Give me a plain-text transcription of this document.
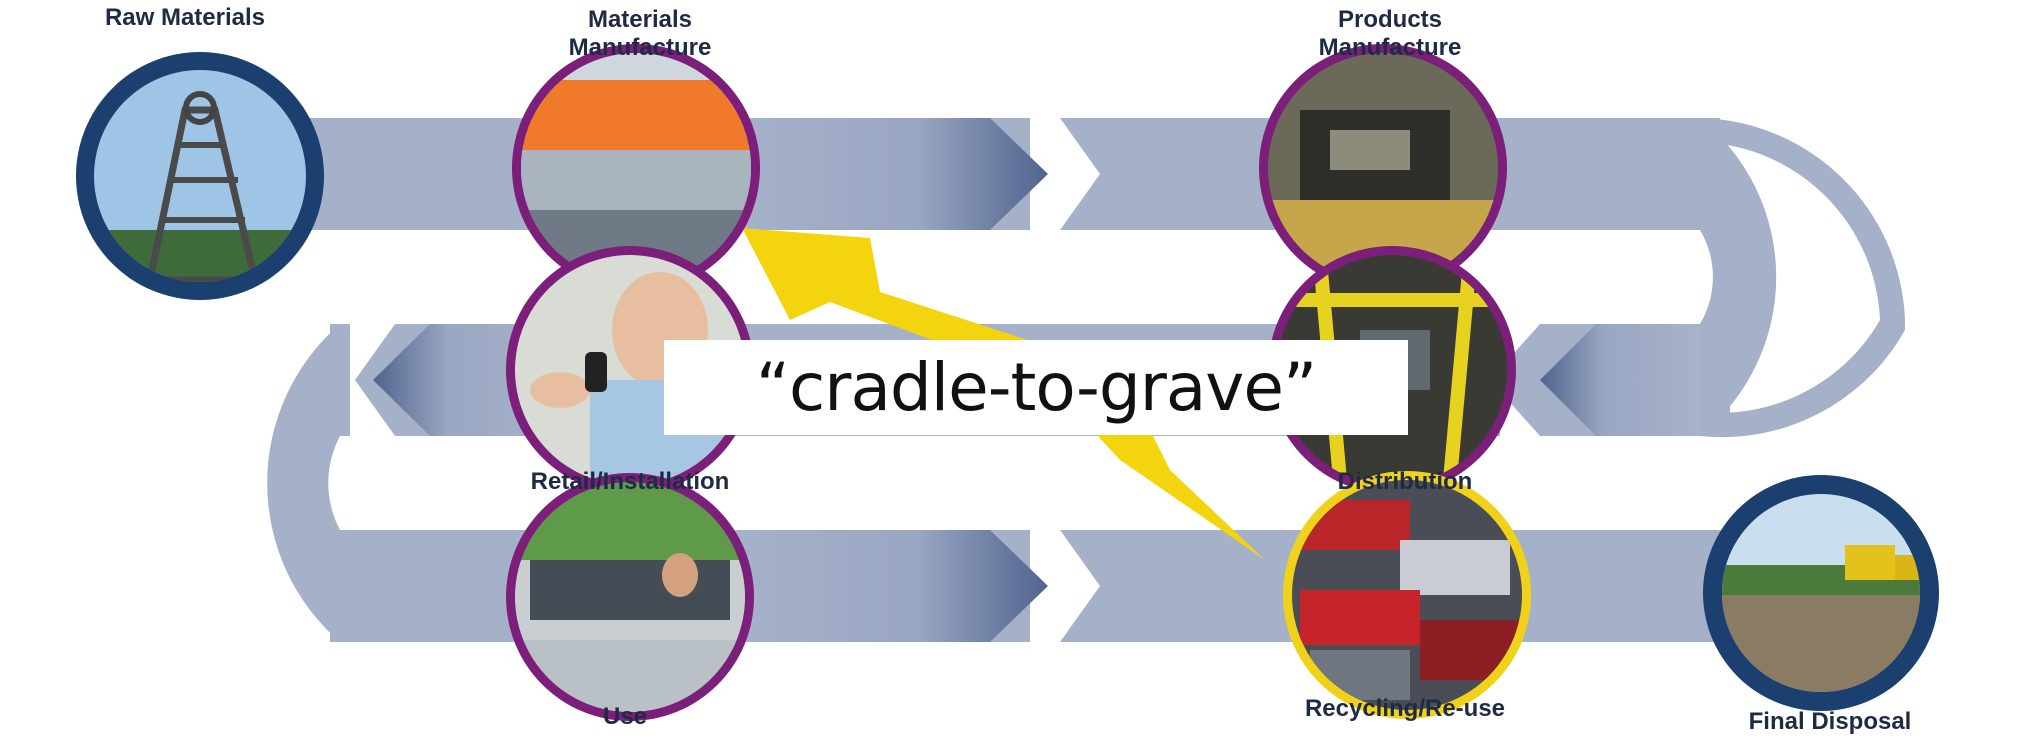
Raw Materials	Materials
Manufacture
Products
Manufacture
Retail/Installation	Distribution
Use	Recycling/Re-use	Final Disposal
“cradle-to-grave”
